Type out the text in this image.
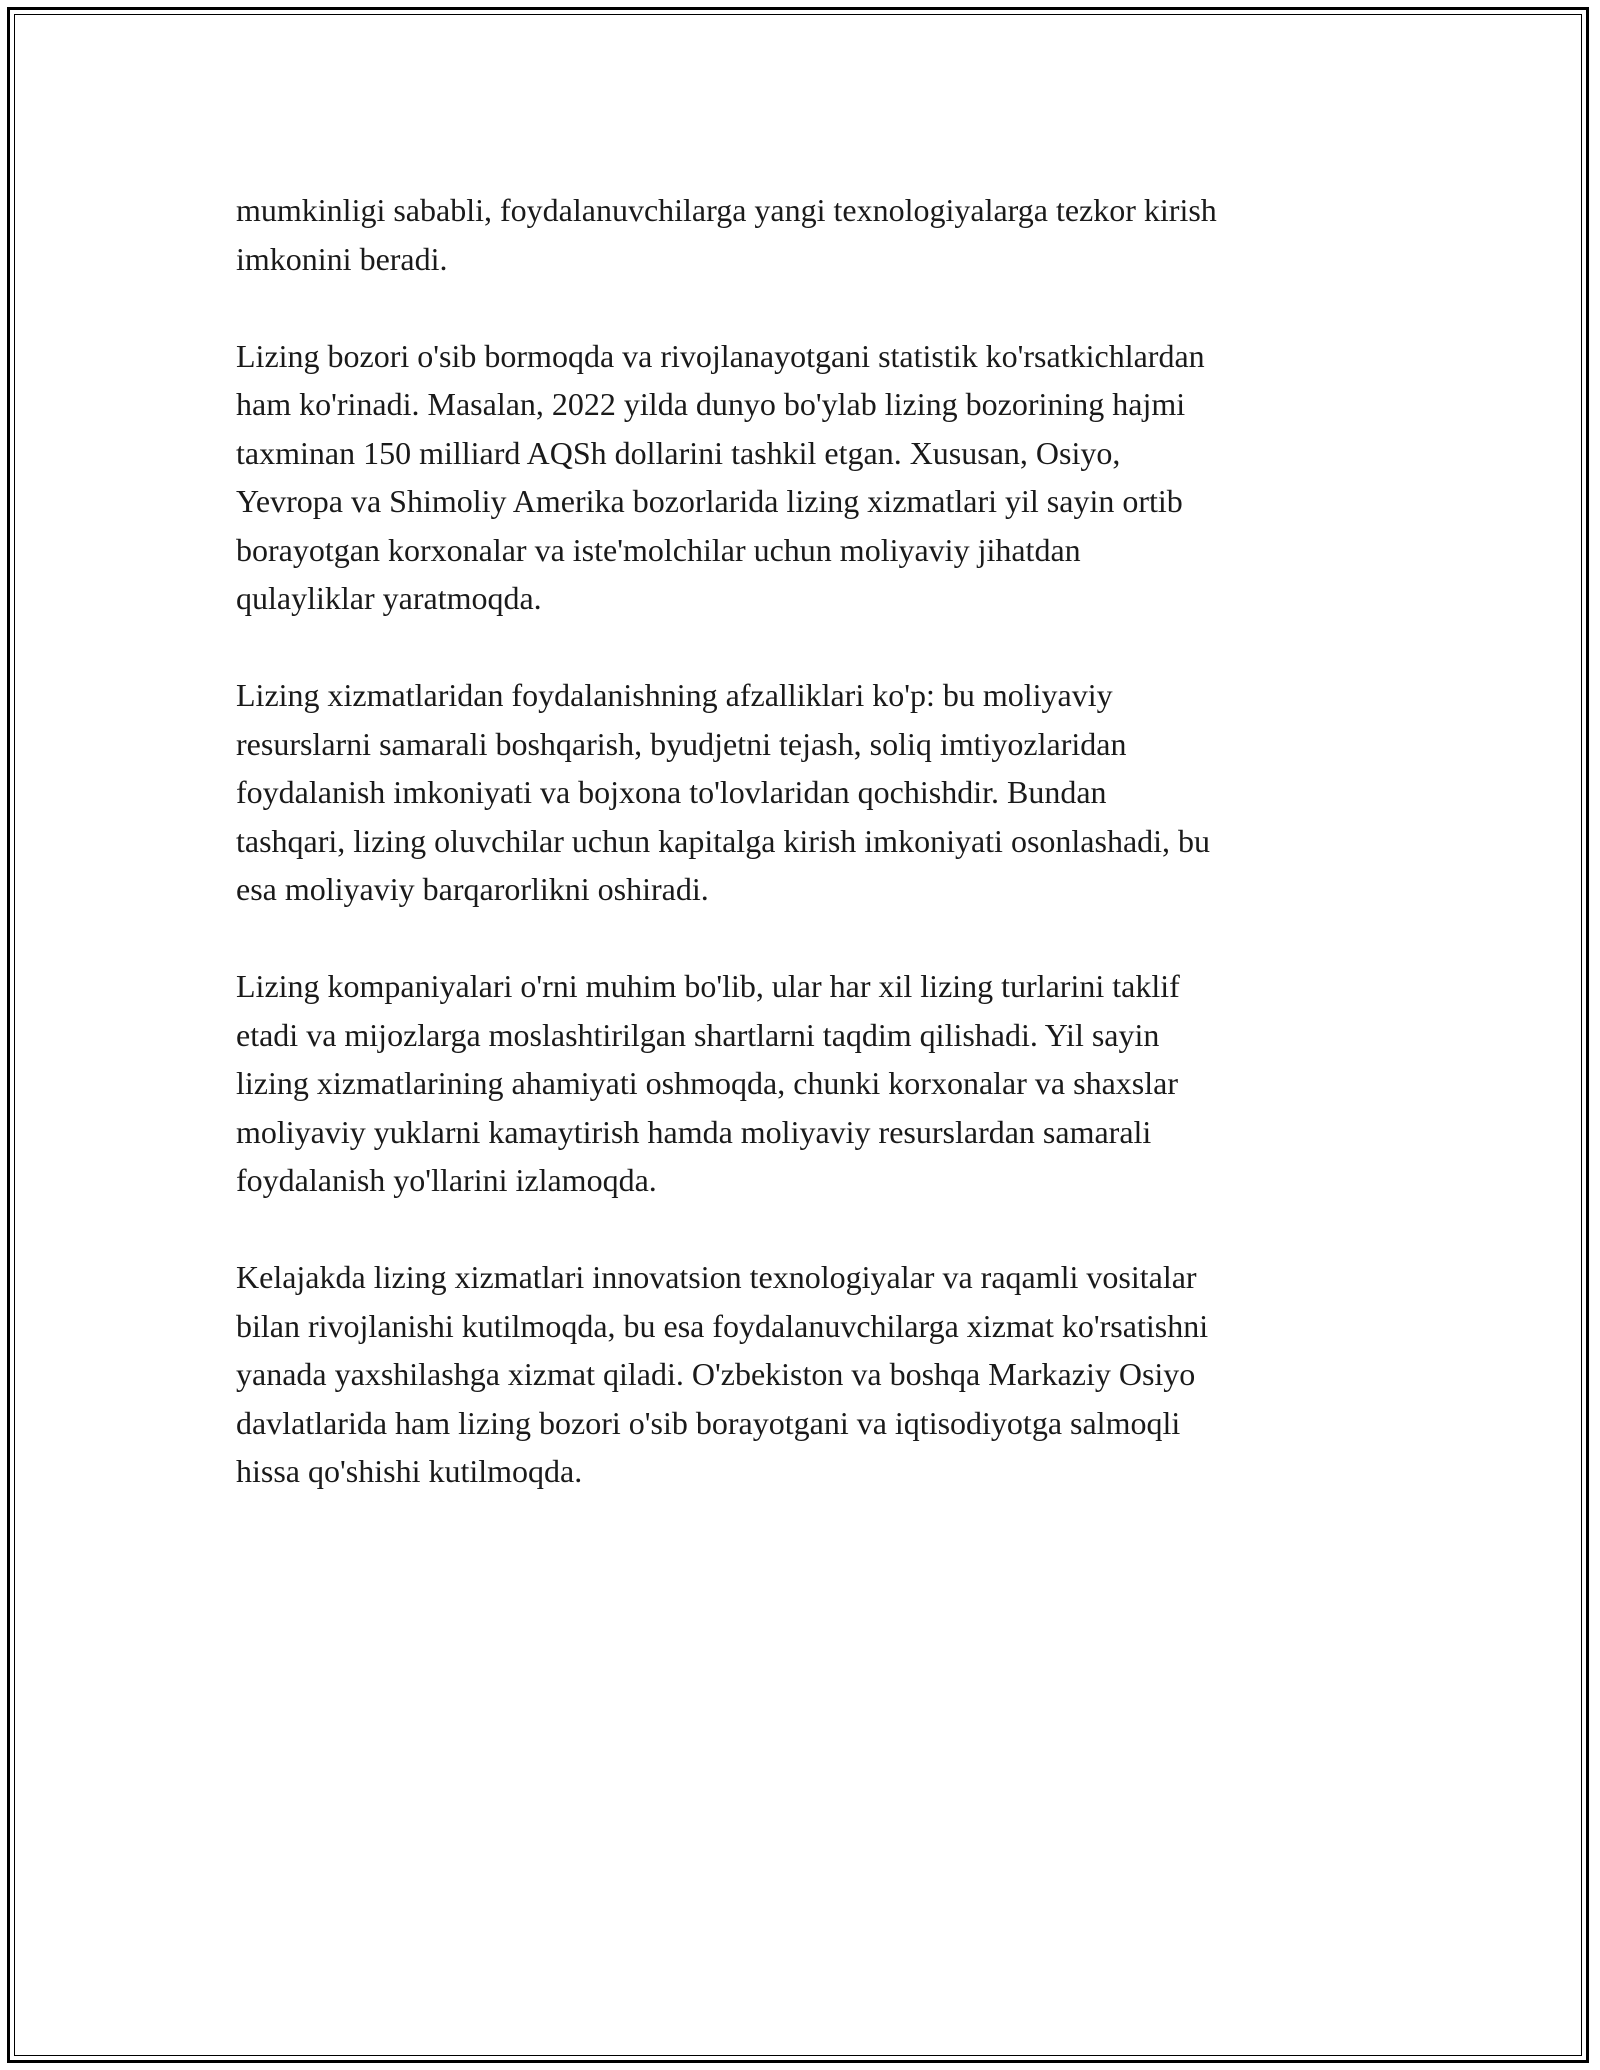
mumkinligi sababli, foydalanuvchilarga yangi texnologiyalarga tezkor kirish
imkonini beradi.

Lizing bozori o'sib bormoqda va rivojlanayotgani statistik ko'rsatkichlardan
ham ko'rinadi. Masalan, 2022 yilda dunyo bo'ylab lizing bozorining hajmi
taxminan 150 milliard AQSh dollarini tashkil etgan. Xususan, Osiyo,
Yevropa va Shimoliy Amerika bozorlarida lizing xizmatlari yil sayin ortib
borayotgan korxonalar va iste'molchilar uchun moliyaviy jihatdan
qulayliklar yaratmoqda.

Lizing xizmatlaridan foydalanishning afzalliklari ko'p: bu moliyaviy
resurslarni samarali boshqarish, byudjetni tejash, soliq imtiyozlaridan
foydalanish imkoniyati va bojxona to'lovlaridan qochishdir. Bundan
tashqari, lizing oluvchilar uchun kapitalga kirish imkoniyati osonlashadi, bu
esa moliyaviy barqarorlikni oshiradi.

Lizing kompaniyalari o'rni muhim bo'lib, ular har xil lizing turlarini taklif
etadi va mijozlarga moslashtirilgan shartlarni taqdim qilishadi. Yil sayin
lizing xizmatlarining ahamiyati oshmoqda, chunki korxonalar va shaxslar
moliyaviy yuklarni kamaytirish hamda moliyaviy resurslardan samarali
foydalanish yo'llarini izlamoqda.

Kelajakda lizing xizmatlari innovatsion texnologiyalar va raqamli vositalar
bilan rivojlanishi kutilmoqda, bu esa foydalanuvchilarga xizmat ko'rsatishni
yanada yaxshilashga xizmat qiladi. O'zbekiston va boshqa Markaziy Osiyo
davlatlarida ham lizing bozori o'sib borayotgani va iqtisodiyotga salmoqli
hissa qo'shishi kutilmoqda.
